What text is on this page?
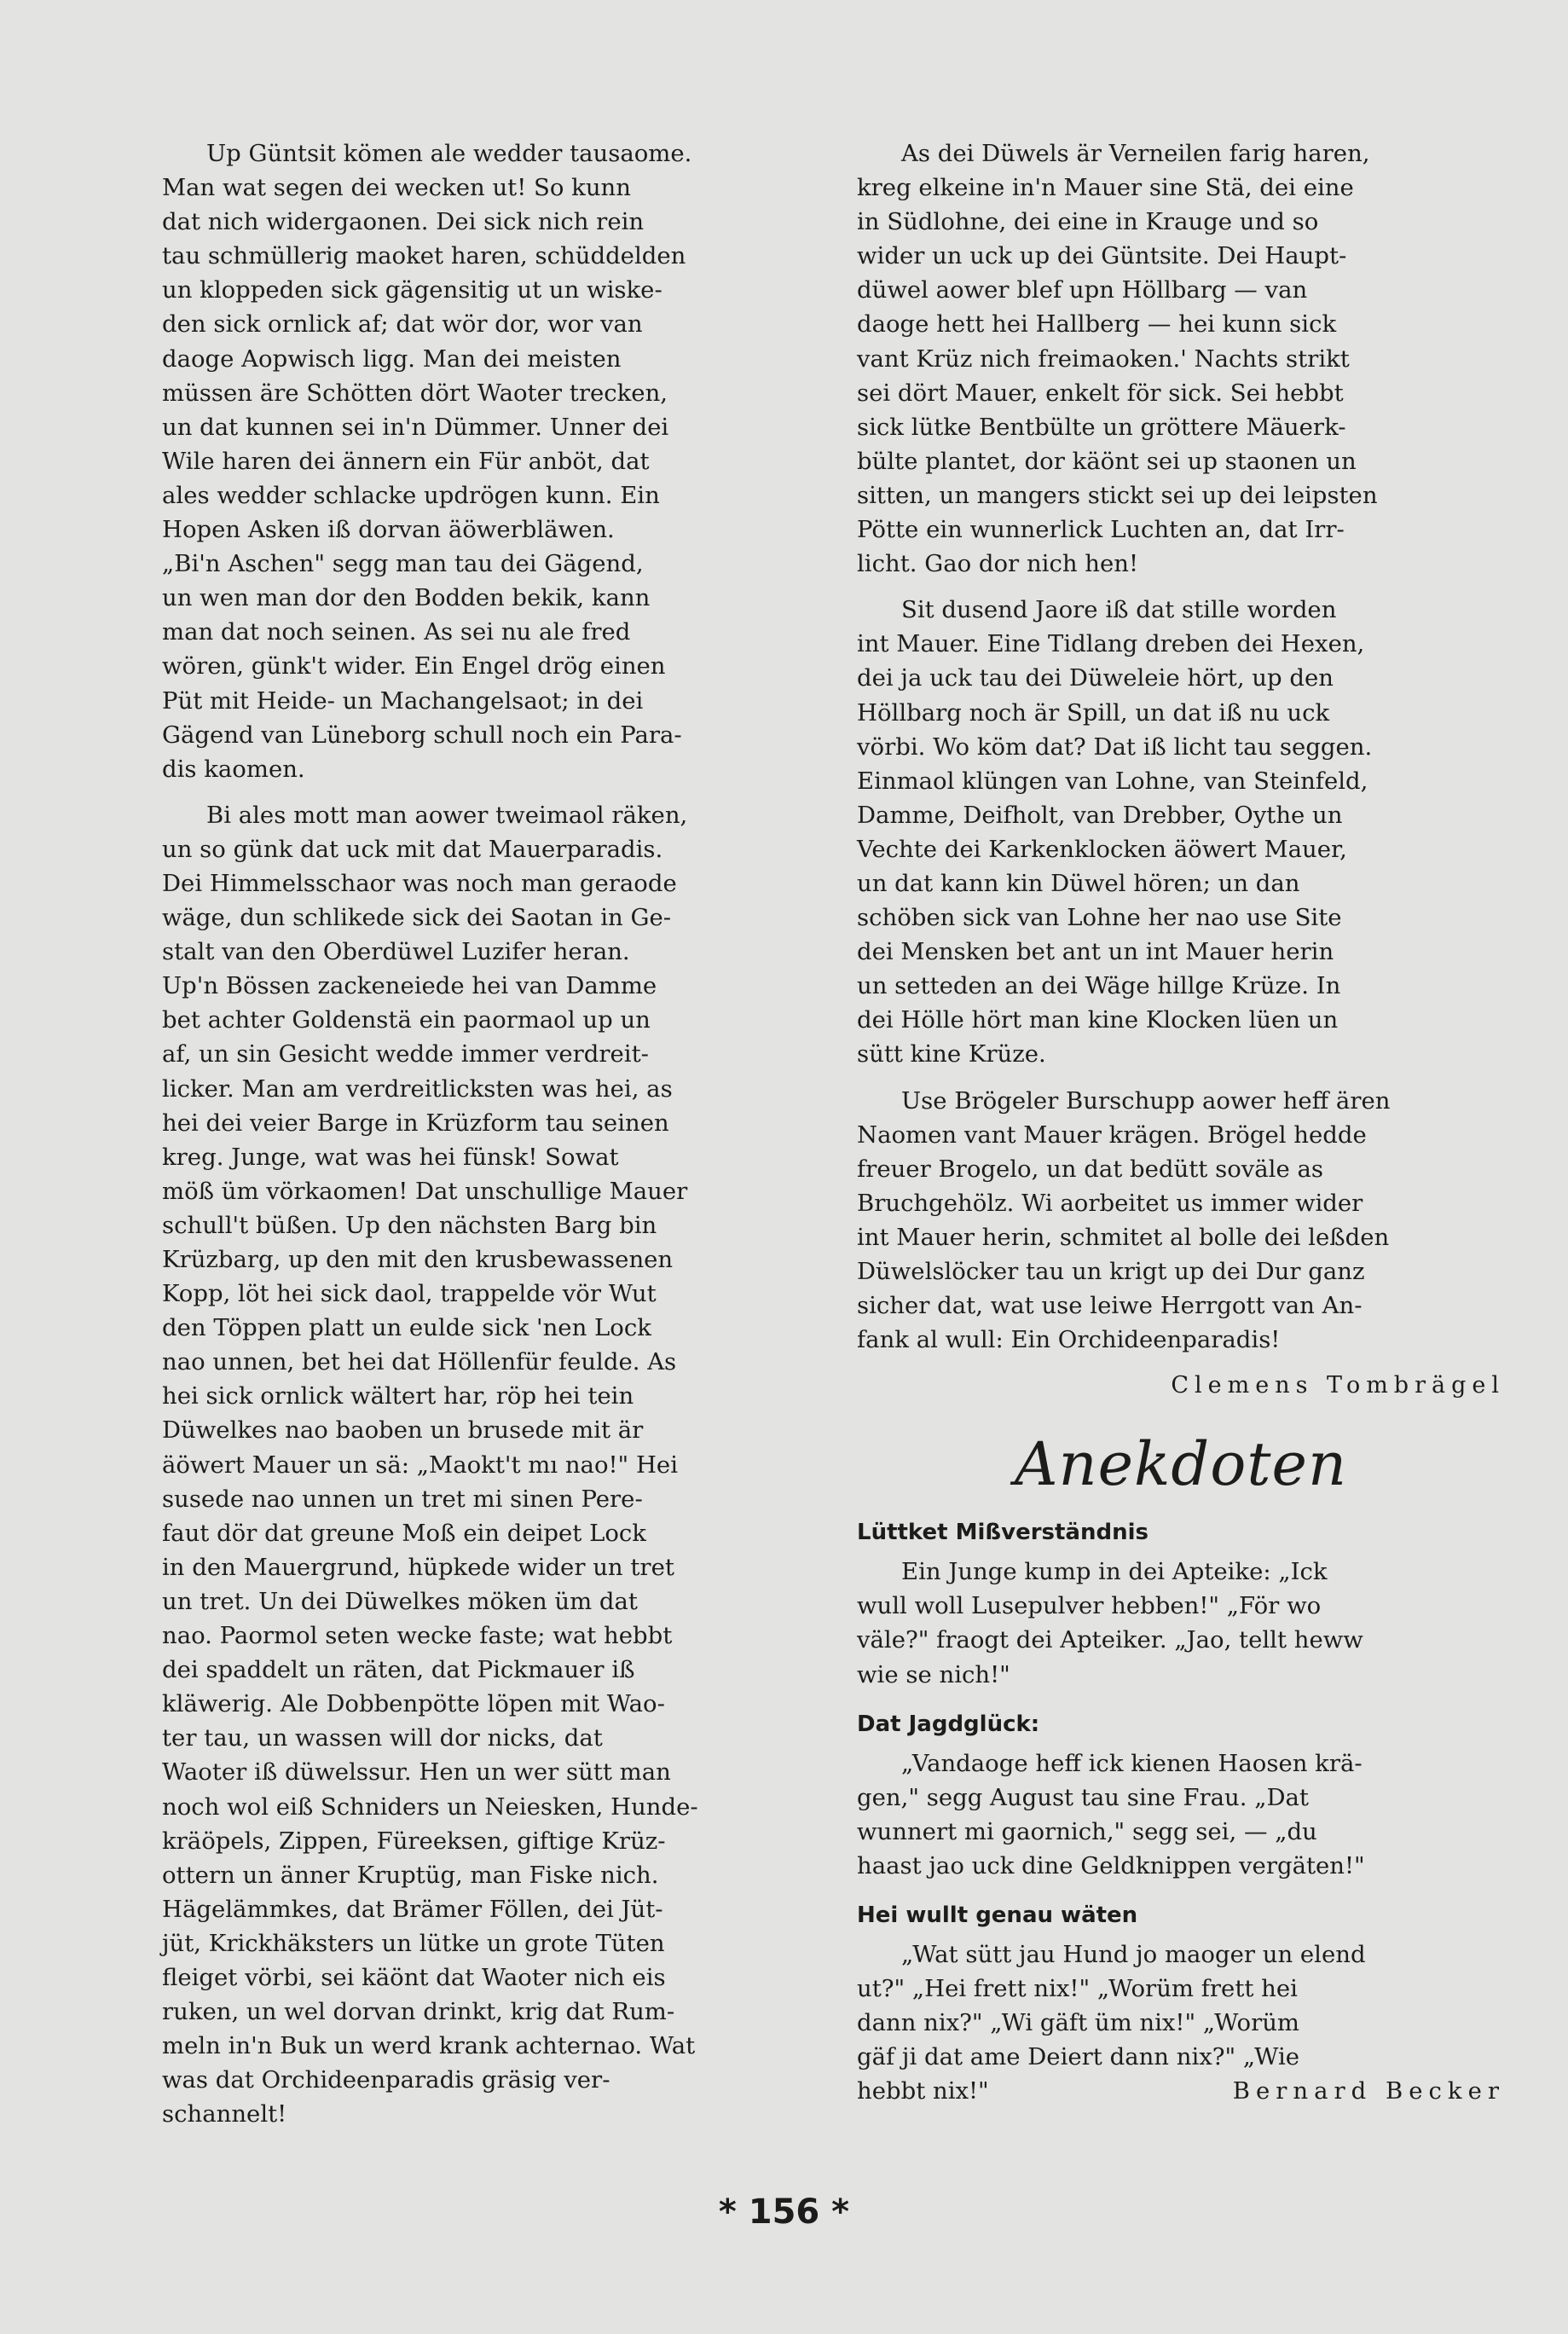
Up Güntsit kömen ale wedder tausaome.
Man wat segen dei wecken ut! So kunn
dat nich widergaonen. Dei sick nich rein
tau schmüllerig maoket haren, schüddelden
un kloppeden sick gägensitig ut un wiske-
den sick ornlick af; dat wör dor, wor van
daoge Aopwisch ligg. Man dei meisten
müssen äre Schötten dört Waoter trecken,
un dat kunnen sei in'n Dümmer. Unner dei
Wile haren dei ännern ein Für anböt, dat
ales wedder schlacke updrögen kunn. Ein
Hopen Asken iß dorvan äöwerbläwen.
„Bi'n Aschen" segg man tau dei Gägend,
un wen man dor den Bodden bekik, kann
man dat noch seinen. As sei nu ale fred
wören, günk't wider. Ein Engel drög einen
Püt mit Heide- un Machangelsaot; in dei
Gägend van Lüneborg schull noch ein Para-
dis kaomen.

Bi ales mott man aower tweimaol räken,
un so günk dat uck mit dat Mauerparadis.
Dei Himmelsschaor was noch man geraode
wäge, dun schlikede sick dei Saotan in Ge-
stalt van den Oberdüwel Luzifer heran.
Up'n Bössen zackeneiede hei van Damme
bet achter Goldenstä ein paormaol up un
af, un sin Gesicht wedde immer verdreit-
licker. Man am verdreitlicksten was hei, as
hei dei veier Barge in Krüzform tau seinen
kreg. Junge, wat was hei fünsk! Sowat
möß üm vörkaomen! Dat unschullige Mauer
schull't büßen. Up den nächsten Barg bin
Krüzbarg, up den mit den krusbewassenen
Kopp, löt hei sick daol, trappelde vör Wut
den Töppen platt un eulde sick 'nen Lock
nao unnen, bet hei dat Höllenfür feulde. As
hei sick ornlick wältert har, röp hei tein
Düwelkes nao baoben un brusede mit är
äöwert Mauer un sä: „Maokt't mı nao!" Hei
susede nao unnen un tret mi sinen Pere-
faut dör dat greune Moß ein deipet Lock
in den Mauergrund, hüpkede wider un tret
un tret. Un dei Düwelkes möken üm dat
nao. Paormol seten wecke faste; wat hebbt
dei spaddelt un räten, dat Pickmauer iß
kläwerig. Ale Dobbenpötte löpen mit Wao-
ter tau, un wassen will dor nicks, dat
Waoter iß düwelssur. Hen un wer sütt man
noch wol eiß Schniders un Neiesken, Hunde-
kräöpels, Zippen, Füreeksen, giftige Krüz-
ottern un änner Kruptüg, man Fiske nich.
Hägelämmkes, dat Brämer Föllen, dei Jüt-
jüt, Krickhäksters un lütke un grote Tüten
fleiget vörbi, sei käönt dat Waoter nich eis
ruken, un wel dorvan drinkt, krig dat Rum-
meln in'n Buk un werd krank achternao. Wat
was dat Orchideenparadis gräsig ver-
schannelt!

As dei Düwels är Verneilen farig haren,
kreg elkeine in'n Mauer sine Stä, dei eine
in Südlohne, dei eine in Krauge und so
wider un uck up dei Güntsite. Dei Haupt-
düwel aower blef upn Höllbarg — van
daoge hett hei Hallberg — hei kunn sick
vant Krüz nich freimaoken.' Nachts strikt
sei dört Mauer, enkelt för sick. Sei hebbt
sick lütke Bentbülte un gröttere Mäuerk-
bülte plantet, dor käönt sei up staonen un
sitten, un mangers stickt sei up dei leipsten
Pötte ein wunnerlick Luchten an, dat Irr-
licht. Gao dor nich hen!

Sit dusend Jaore iß dat stille worden
int Mauer. Eine Tidlang dreben dei Hexen,
dei ja uck tau dei Düweleie hört, up den
Höllbarg noch är Spill, un dat iß nu uck
vörbi. Wo köm dat? Dat iß licht tau seggen.
Einmaol klüngen van Lohne, van Steinfeld,
Damme, Deifholt, van Drebber, Oythe un
Vechte dei Karkenklocken äöwert Mauer,
un dat kann kin Düwel hören; un dan
schöben sick van Lohne her nao use Site
dei Mensken bet ant un int Mauer herin
un setteden an dei Wäge hillge Krüze. In
dei Hölle hört man kine Klocken lüen un
sütt kine Krüze.

Use Brögeler Burschupp aower heff ären
Naomen vant Mauer krägen. Brögel hedde
freuer Brogelo, un dat bedütt soväle as
Bruchgehölz. Wi aorbeitet us immer wider
int Mauer herin, schmitet al bolle dei leßden
Düwelslöcker tau un krigt up dei Dur ganz
sicher dat, wat use leiwe Herrgott van An-
fank al wull: Ein Orchideenparadis!

Clemens Tombrägel
Anekdoten
Lüttket Mißverständnis

Ein Junge kump in dei Apteike: „Ick
wull woll Lusepulver hebben!" „För wo
väle?" fraogt dei Apteiker. „Jao, tellt heww
wie se nich!"

Dat Jagdglück:

„Vandaoge heff ick kienen Haosen krä-
gen," segg August tau sine Frau. „Dat
wunnert mi gaornich," segg sei, — „du
haast jao uck dine Geldknippen vergäten!"

Hei wullt genau wäten

„Wat sütt jau Hund jo maoger un elend
ut?" „Hei frett nix!" „Worüm frett hei
dann nix?" „Wi gäft üm nix!" „Worüm
gäf ji dat ame Deiert dann nix?" „Wie

hebbt nix!"	Bernard Becker
* 156 *
